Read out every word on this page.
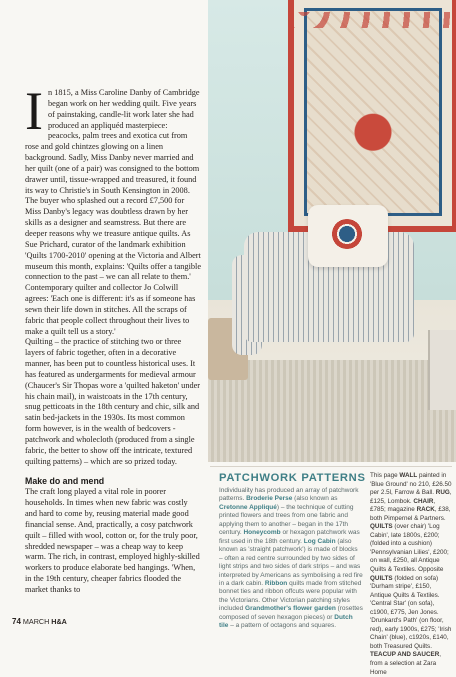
In 1815, a Miss Caroline Danby of Cambridge began work on her wedding quilt. Five years of painstaking, candle-lit work later she had produced an appliquéd masterpiece: peacocks, palm trees and exotica cut from rose and gold chintzes glowing on a linen background. Sadly, Miss Danby never married and her quilt (one of a pair) was consigned to the bottom drawer until, tissue-wrapped and treasured, it found its way to Christie's in South Kensington in 2008.

The buyer who splashed out a record £7,500 for Miss Danby's legacy was doubtless drawn by her skills as a designer and seamstress. But there are deeper reasons why we treasure antique quilts. As Sue Prichard, curator of the landmark exhibition 'Quilts 1700-2010' opening at the Victoria and Albert museum this month, explains: 'Quilts offer a tangible connection to the past – we can all relate to them.' Contemporary quilter and collector Jo Colwill agrees: 'Each one is different: it's as if someone has sewn their life down in stitches. All the scraps of fabric that people collect throughout their lives to make a quilt tell us a story.'

Quilting – the practice of stitching two or three layers of fabric together, often in a decorative manner, has been put to countless historical uses. It has featured as undergarments for medieval armour (Chaucer's Sir Thopas wore a 'quilted haketon' under his chain mail), in waistcoats in the 17th century, snug petticoats in the 18th century and chic, silk and satin bed-jackets in the 1930s. Its most common form however, is in the wealth of bedcovers - patchwork and wholecloth (produced from a single fabric, the better to show off the intricate, textured quilting patterns) – which are so prized today.

Make do and mend

The craft long played a vital role in poorer households. In times when new fabric was costly and hard to come by, reusing material made good financial sense. And, practically, a cosy patchwork quilt – filled with wool, cotton or, for the truly poor, shredded newspaper – was a cheap way to keep warm. The rich, in contrast, employed highly-skilled workers to produce elaborate bed hangings. 'When, in the 19th century, cheaper fabrics flooded the market thanks to

PATCHWORK PATTERNS
Individuality has produced an array of patchwork patterns. Broderie Perse (also known as Cretonne Appliqué) – the technique of cutting printed flowers and trees from one fabric and applying them to another – began in the 17th century. Honeycomb or hexagon patchwork was first used in the 18th century. Log Cabin (also known as 'straight patchwork') is made of blocks – often a red centre surrounded by two sides of light strips and two sides of dark strips – and was interpreted by Americans as symbolising a red fire in a dark cabin. Ribbon quilts made from stitched bonnet ties and ribbon offcuts were popular with the Victorians. Other Victorian patching styles included Grandmother's flower garden (rosettes composed of seven hexagon pieces) or Dutch tile – a pattern of octagons and squares.
This page WALL painted in 'Blue Ground' no 210, £26.50 per 2.5l, Farrow & Ball. RUG, £125, Lombok. CHAIR, £785; magazine RACK, £38, both Pimpernel & Partners. QUILTS (over chair) 'Log Cabin', late 1800s, £200; (folded into a cushion) 'Pennsylvanian Lilies', £200; on wall, £250, all Antique Quilts & Textiles. Opposite QUILTS (folded on sofa) 'Durham stripe', £150, Antique Quilts & Textiles. 'Central Star' (on sofa), c1900, £775, Jen Jones. 'Drunkard's Path' (on floor, red), early 1900s, £275; 'Irish Chain' (blue), c1920s, £140, both Treasured Quilts. TEACUP AND SAUCER, from a selection at Zara Home
74 MARCH H&A
